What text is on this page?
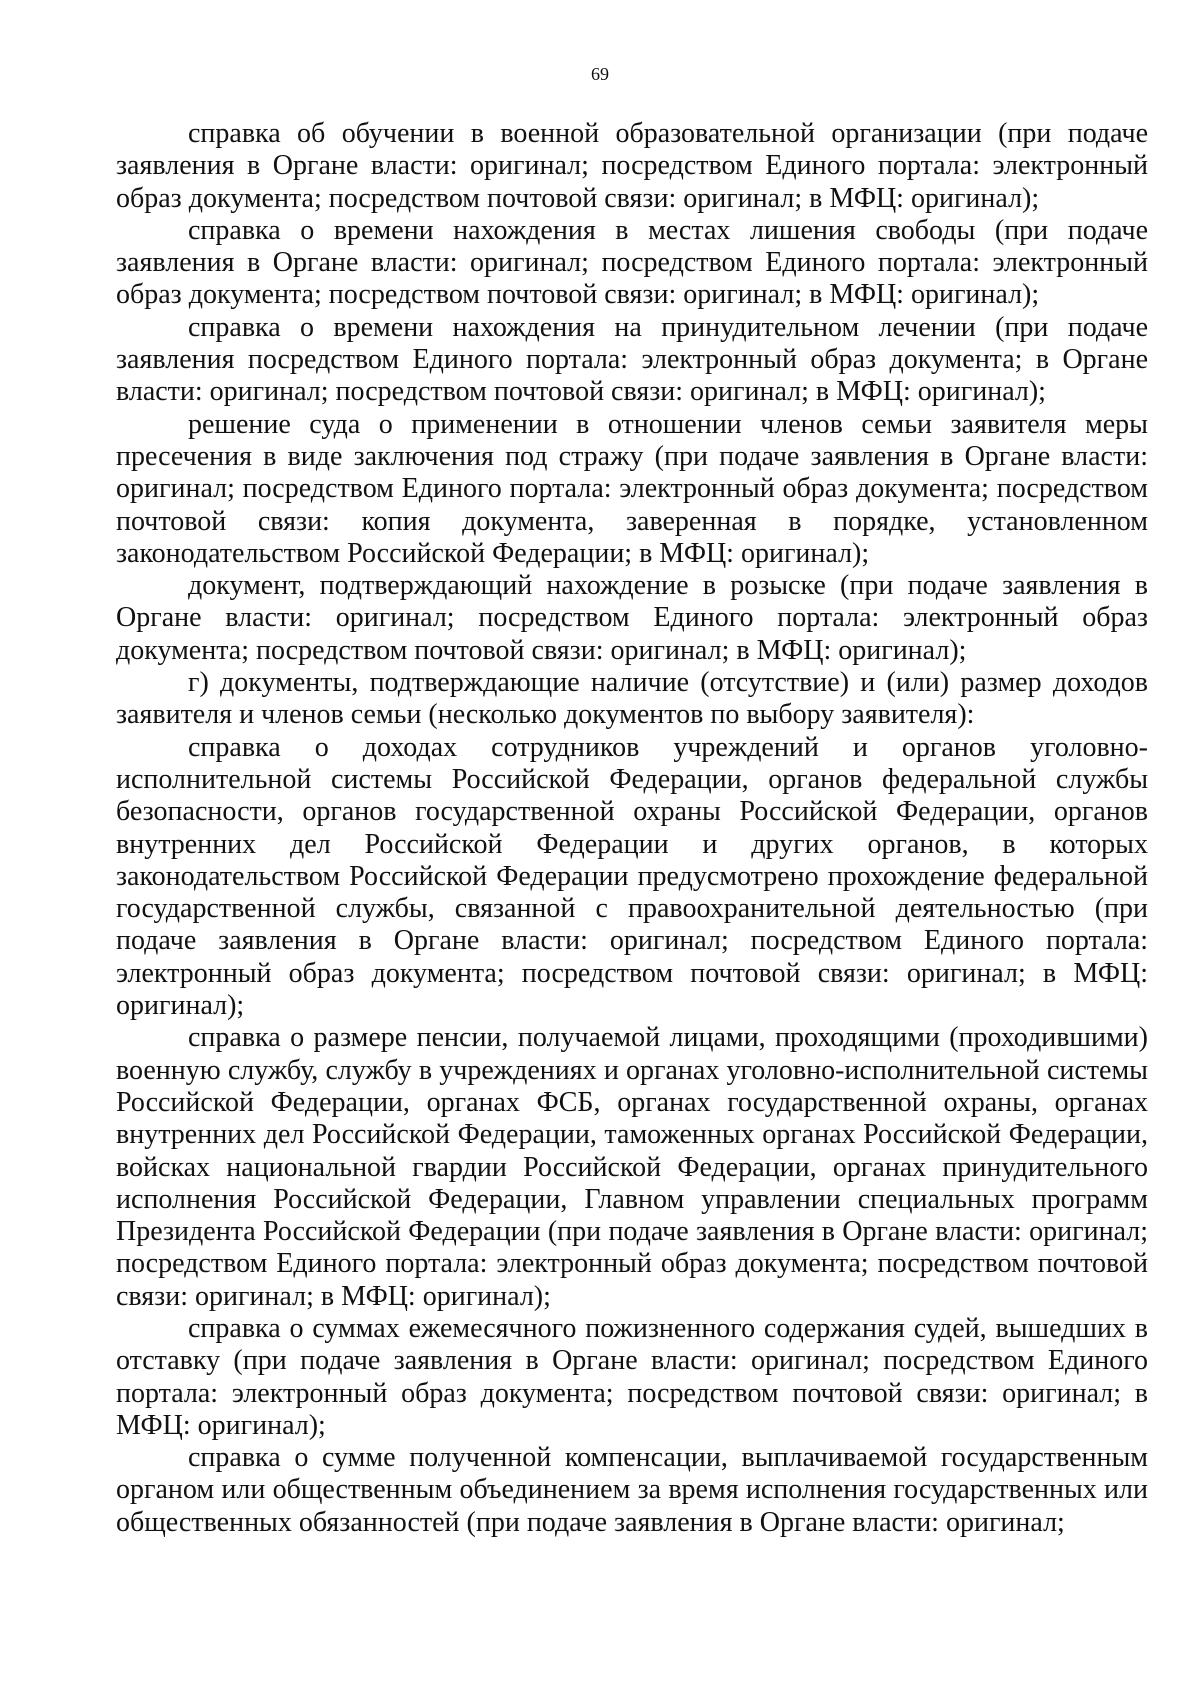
69

справка об обучении в военной образовательной организации (при подаче заявления в Органе власти: оригинал; посредством Единого портала: электронный образ документа; посредством почтовой связи: оригинал; в МФЦ: оригинал);

справка о времени нахождения в местах лишения свободы (при подаче заявления в Органе власти: оригинал; посредством Единого портала: электронный образ документа; посредством почтовой связи: оригинал; в МФЦ: оригинал);

справка о времени нахождения на принудительном лечении (при подаче заявления посредством Единого портала: электронный образ документа; в Органе власти: оригинал; посредством почтовой связи: оригинал; в МФЦ: оригинал);

решение суда о применении в отношении членов семьи заявителя меры пресечения в виде заключения под стражу (при подаче заявления в Органе власти: оригинал; посредством Единого портала: электронный образ документа; посредством почтовой связи: копия документа, заверенная в порядке, установленном законодательством Российской Федерации; в МФЦ: оригинал);

документ, подтверждающий нахождение в розыске (при подаче заявления в Органе власти: оригинал; посредством Единого портала: электронный образ документа; посредством почтовой связи: оригинал; в МФЦ: оригинал);

г) документы, подтверждающие наличие (отсутствие) и (или) размер доходов заявителя и членов семьи (несколько документов по выбору заявителя):

справка о доходах сотрудников учреждений и органов уголовно-исполнительной системы Российской Федерации, органов федеральной службы безопасности, органов государственной охраны Российской Федерации, органов внутренних дел Российской Федерации и других органов, в которых законодательством Российской Федерации предусмотрено прохождение федеральной государственной службы, связанной с правоохранительной деятельностью (при подаче заявления в Органе власти: оригинал; посредством Единого портала: электронный образ документа; посредством почтовой связи: оригинал; в МФЦ: оригинал);

справка о размере пенсии, получаемой лицами, проходящими (проходившими) военную службу, службу в учреждениях и органах уголовно-исполнительной системы Российской Федерации, органах ФСБ, органах государственной охраны, органах внутренних дел Российской Федерации, таможенных органах Российской Федерации, войсках национальной гвардии Российской Федерации, органах принудительного исполнения Российской Федерации, Главном управлении специальных программ Президента Российской Федерации (при подаче заявления в Органе власти: оригинал; посредством Единого портала: электронный образ документа; посредством почтовой связи: оригинал; в МФЦ: оригинал);

справка о суммах ежемесячного пожизненного содержания судей, вышедших в отставку (при подаче заявления в Органе власти: оригинал; посредством Единого портала: электронный образ документа; посредством почтовой связи: оригинал; в МФЦ: оригинал);

справка о сумме полученной компенсации, выплачиваемой государственным органом или общественным объединением за время исполнения государственных или общественных обязанностей (при подаче заявления в Органе власти: оригинал;
